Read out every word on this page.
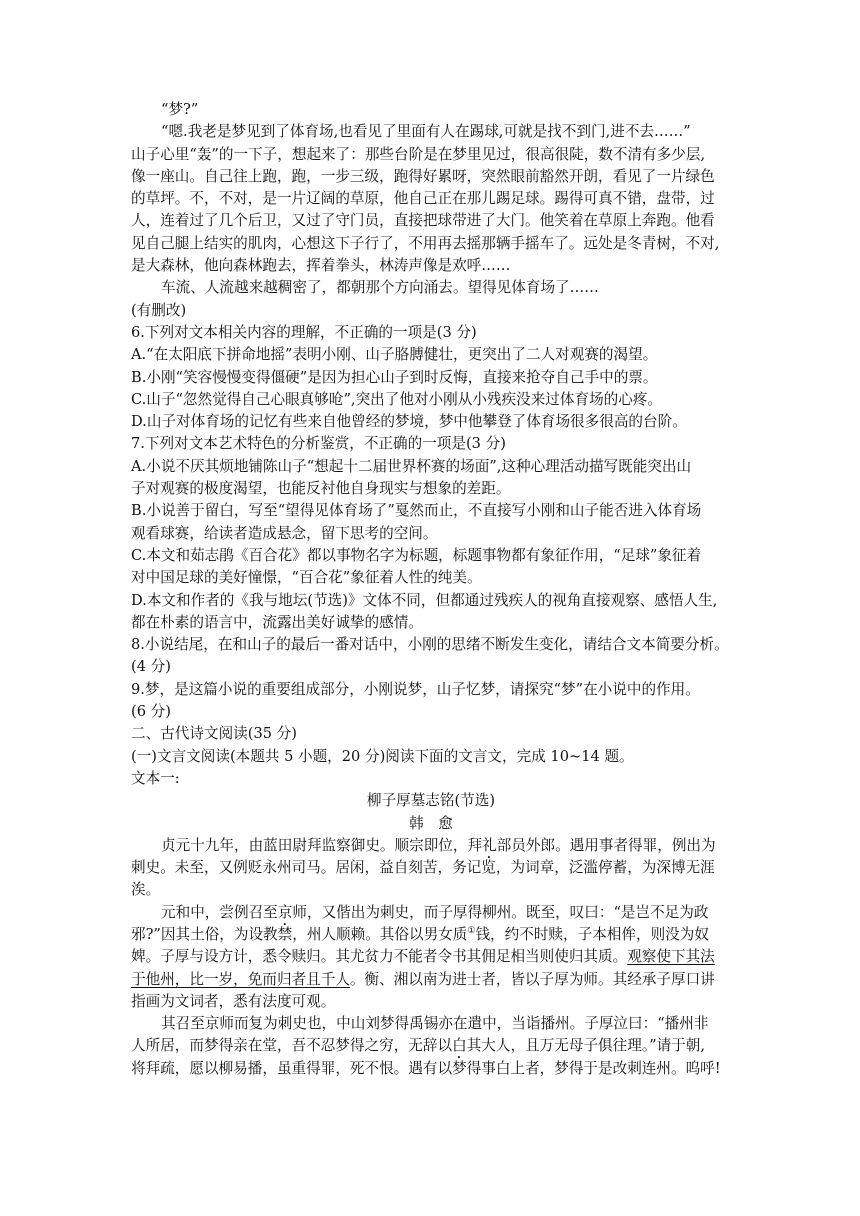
“梦?”
“嗯.我老是梦见到了体育场,也看见了里面有人在踢球,可就是找不到门,进不去……”
山子心里“轰”的一下子，想起来了：那些台阶是在梦里见过，很高很陡，数不清有多少层,
像一座山。自己往上跑，跑，一步三级，跑得好累呀，突然眼前豁然开朗，看见了一片绿色
的草坪。不，不对，是一片辽阔的草原，他自己正在那儿踢足球。踢得可真不错，盘带，过
人，连着过了几个后卫，又过了守门员，直接把球带进了大门。他笑着在草原上奔跑。他看
见自己腿上结实的肌肉，心想这下子行了，不用再去摇那辆手摇车了。远处是冬青树，不对,
是大森林，他向森林跑去，挥着拳头，林涛声像是欢呼……
车流、人流越来越稠密了，都朝那个方向涌去。望得见体育场了……
(有删改)
6.下列对文本相关内容的理解，不正确的一项是(3 分)
A.“在太阳底下拼命地摇”表明小刚、山子胳膊健壮，更突出了二人对观赛的渴望。
B.小刚“笑容慢慢变得僵硬”是因为担心山子到时反悔，直接来抢夺自己手中的票。
C.山子“忽然觉得自己心眼真够呛”,突出了他对小刚从小残疾没来过体育场的心疼。
D.山子对体育场的记忆有些来自他曾经的梦境，梦中他攀登了体育场很多很高的台阶。
7.下列对文本艺术特色的分析鉴赏，不正确的一项是(3 分)
A.小说不厌其烦地铺陈山子“想起十二届世界杯赛的场面”,这种心理活动描写既能突出山
子对观赛的极度渴望，也能反衬他自身现实与想象的差距。
B.小说善于留白，写至“望得见体育场了”戛然而止，不直接写小刚和山子能否进入体育场
观看球赛，给读者造成悬念，留下思考的空间。
C.本文和茹志鹃《百合花》都以事物名字为标题，标题事物都有象征作用，“足球”象征着
对中国足球的美好憧憬，“百合花”象征着人性的纯美。
D.本文和作者的《我与地坛(节选)》文体不同，但都通过残疾人的视角直接观察、感悟人生,
都在朴素的语言中，流露出美好诚挚的感情。
8.小说结尾，在和山子的最后一番对话中，小刚的思绪不断发生变化，请结合文本简要分析。
(4 分)
9.梦，是这篇小说的重要组成部分，小刚说梦，山子忆梦，请探究“梦”在小说中的作用。
(6 分)
二、古代诗文阅读(35 分)
(一)文言文阅读(本题共 5 小题，20 分)阅读下面的文言文，完成 10~14 题。
文本一:
柳子厚墓志铭(节选)
韩　愈
贞元十九年，由蓝田尉拜监察御史。顺宗即位，拜礼部员外郎。遇用事者得罪，例出为
刺史。未至，又例贬永州司马。居闲，益自刻苦，务记览，为词章，泛滥停蓄，为深博无涯
涘。
元和中，尝例召至京师，又偕出为刺史，而子厚得柳州。既至，叹曰：“是岂不足为政
邪?”因其土俗，为设教禁，州人顺赖。其俗以男女质①钱，约不时赎，子本相侔，则没为奴
婢。子厚与设方计，悉令赎归。其尤贫力不能者令书其佣足相当则使归其质。观察使下其法
于他州，比一岁，免而归者且千人。衡、湘以南为进士者，皆以子厚为师。其经承子厚口讲
指画为文词者，悉有法度可观。
其召至京师而复为刺史也，中山刘梦得禹锡亦在遣中，当诣播州。子厚泣曰：“播州非
人所居，而梦得亲在堂，吾不忍梦得之穷，无辞以白其大人，且万无母子俱往理。”请于朝,
将拜疏，愿以柳易播，虽重得罪，死不恨。遇有以梦得事白上者，梦得于是改刺连州。呜呼!
